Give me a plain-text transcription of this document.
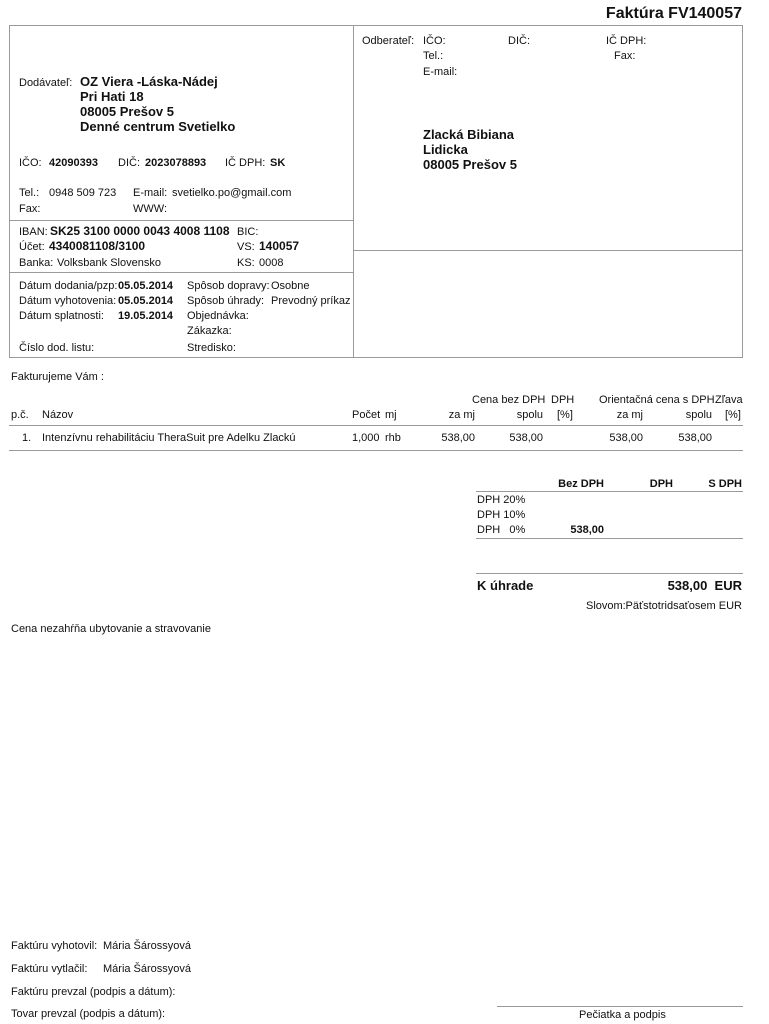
Faktúra FV140057
Dodávateľ: OZ Viera -Láska-Nádej
Pri Hati 18
08005 Prešov 5
Denné centrum Svetielko
IČO: 42090393 DIČ: 2023078893 IČ DPH: SK
Tel.: 0948 509 723 E-mail: svetielko.po@gmail.com
Fax:	WWW:
IBAN: SK25 3100 0000 0043 4008 1108 BIC:
Účet: 4340081108/3100	VS: 140057
Banka: Volksbank Slovensko	KS: 0008
Dátum dodania/pzp: 05.05.2014
Dátum vyhotovenia: 05.05.2014
Dátum splatnosti: 19.05.2014
Číslo dod. listu:
Spôsob dopravy: Osobne
Spôsob úhrady: Prevodný príkaz
Objednávka:
Zákazka:
Stredisko:
Odberateľ: IČO:	DIČ:	IČ DPH:
Tel.:	Fax:
E-mail:
Zlacká Bibiana
Lidicka
08005 Prešov 5
Fakturujeme Vám :
Cena bez DPH DPH Orientačná cena s DPH Zľava
p.č. Názov	Počet mj	za mj	spolu [%]	za mj	spolu [%]
1. Intenzívnu rehabilitáciu TheraSuit pre Adelku Zlackú	1,000 rhb	538,00	538,00	538,00	538,00
Bez DPH	DPH	S DPH
DPH 20%
DPH 10%
DPH   0%	538,00
K úhrade	538,00  EUR
Slovom: Päťstotridsaťosem EUR
Cena nezahŕňa ubytovanie a stravovanie
Faktúru vyhotovil: Mária Šárossyová
Faktúru vytlačil: Mária Šárossyová
Faktúru prevzal (podpis a dátum):
Tovar prevzal (podpis a dátum):	Pečiatka a podpis
